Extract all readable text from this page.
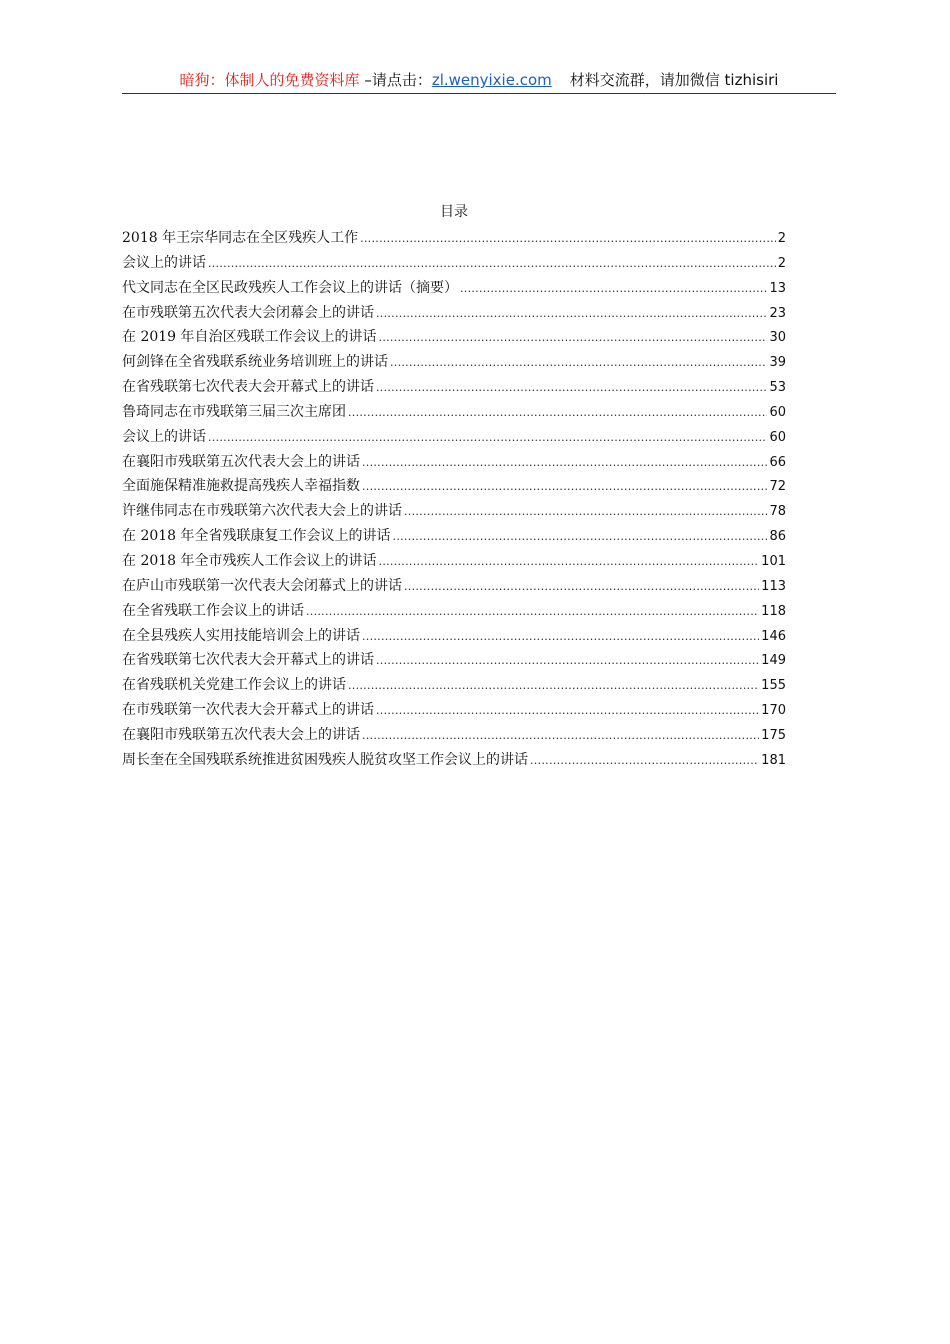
暗狗：体制人的免费资料库 –请点击：zl.wenyixie.com 材料交流群，请加微信 tizhisiri
目录
2018 年王宗华同志在全区残疾人工作 .....	2
会议上的讲话 .....	2
代文同志在全区民政残疾人工作会议上的讲话（摘要） .....	13
在市残联第五次代表大会闭幕会上的讲话 .....	23
在 2019 年自治区残联工作会议上的讲话 .....	30
何剑锋在全省残联系统业务培训班上的讲话 .....	39
在省残联第七次代表大会开幕式上的讲话 .....	53
鲁琦同志在市残联第三届三次主席团 .....	60
会议上的讲话 .....	60
在襄阳市残联第五次代表大会上的讲话 .....	66
全面施保精准施救提高残疾人幸福指数 .....	72
许继伟同志在市残联第六次代表大会上的讲话 .....	78
在 2018 年全省残联康复工作会议上的讲话 .....	86
在 2018 年全市残疾人工作会议上的讲话 .....	101
在庐山市残联第一次代表大会闭幕式上的讲话 .....	113
在全省残联工作会议上的讲话 .....	118
在全县残疾人实用技能培训会上的讲话 .....	146
在省残联第七次代表大会开幕式上的讲话 .....	149
在省残联机关党建工作会议上的讲话 .....	155
在市残联第一次代表大会开幕式上的讲话 .....	170
在襄阳市残联第五次代表大会上的讲话 .....	175
周长奎在全国残联系统推进贫困残疾人脱贫攻坚工作会议上的讲话 .....	181
